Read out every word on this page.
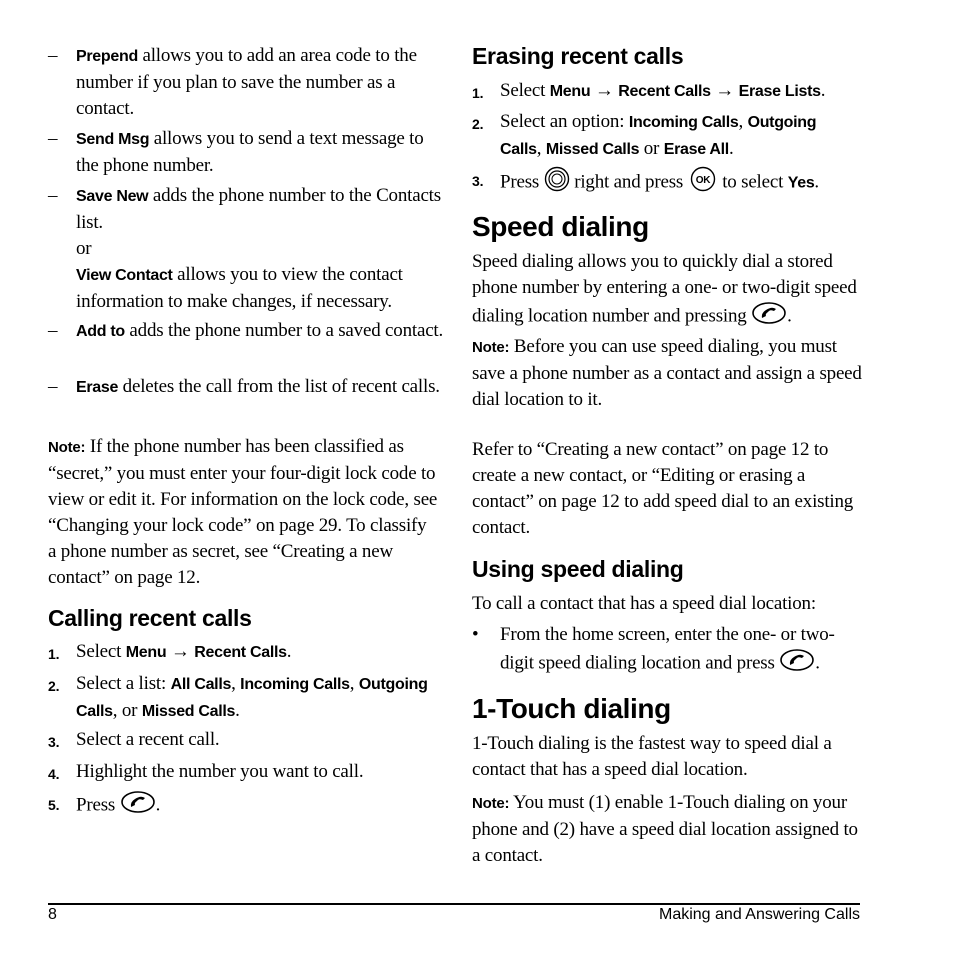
–	Prepend allows you to add an area code to the number if you plan to save the number as a contact.
–	Send Msg allows you to send a text message to the phone number.
–	Save New adds the phone number to the Contacts list.
or
View Contact allows you to view the contact information to make changes, if necessary.
–	Add to adds the phone number to a saved contact.
–	Erase deletes the call from the list of recent calls.
Note: If the phone number has been classified as “secret,” you must enter your four-digit lock code to view or edit it. For information on the lock code, see “Changing your lock code” on page 29. To classify a phone number as secret, see “Creating a new contact” on page 12.
Calling recent calls
1. Select Menu → Recent Calls.
2. Select a list: All Calls, Incoming Calls, Outgoing Calls, or Missed Calls.
3. Select a recent call.
4. Highlight the number you want to call.
5. Press .
Erasing recent calls
1. Select Menu → Recent Calls → Erase Lists.
2. Select an option: Incoming Calls, Outgoing Calls, Missed Calls or Erase All.
3. Press  right and press OK to select Yes.
Speed dialing
Speed dialing allows you to quickly dial a stored phone number by entering a one- or two-digit speed dialing location number and pressing .
Note: Before you can use speed dialing, you must save a phone number as a contact and assign a speed dial location to it.
Refer to “Creating a new contact” on page 12 to create a new contact, or “Editing or erasing a contact” on page 12 to add speed dial to an existing contact.
Using speed dialing
To call a contact that has a speed dial location:
• From the home screen, enter the one- or two-digit speed dialing location and press .
1-Touch dialing
1-Touch dialing is the fastest way to speed dial a contact that has a speed dial location.
Note: You must (1) enable 1-Touch dialing on your phone and (2) have a speed dial location assigned to a contact.
8	Making and Answering Calls
